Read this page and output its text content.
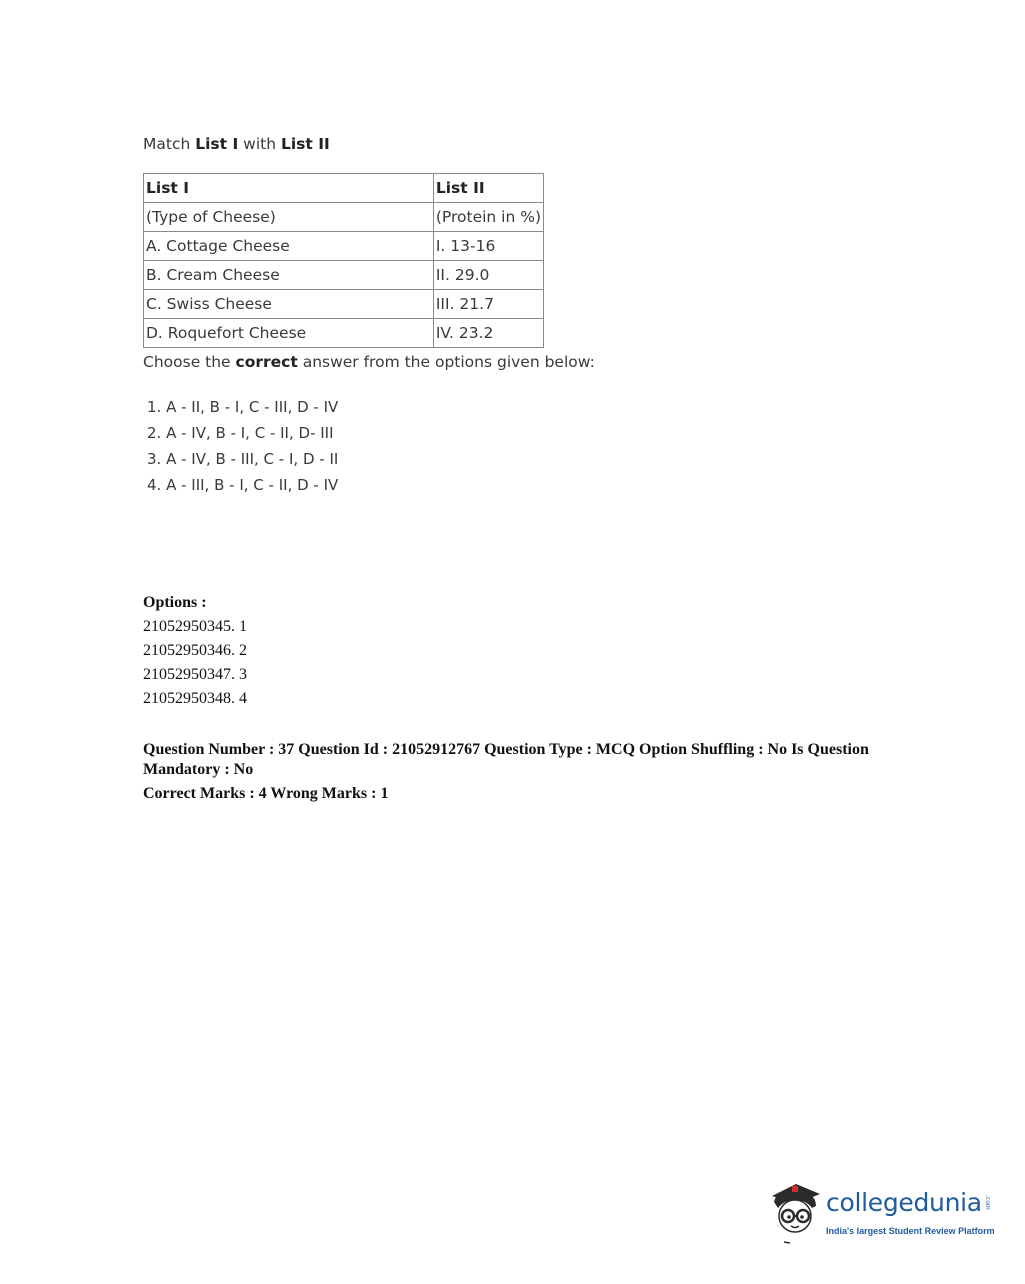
Match List I with List II

List I	List II
(Type of Cheese)	(Protein in %)
A. Cottage Cheese	I. 13-16
B. Cream Cheese	II. 29.0
C. Swiss Cheese	III. 21.7
D. Roquefort Cheese	IV. 23.2

Choose the correct answer from the options given below:

1. A - II, B - I, C - III, D - IV
2. A - IV, B - I, C - II, D- III
3. A - IV, B - III, C - I, D - II
4. A - III, B - I, C - II, D - IV
Options :
21052950345. 1
21052950346. 2
21052950347. 3
21052950348. 4
Question Number : 37 Question Id : 21052912767 Question Type : MCQ Option Shuffling : No Is Question Mandatory : No
Correct Marks : 4 Wrong Marks : 1
collegedunia .com
India's largest Student Review Platform
